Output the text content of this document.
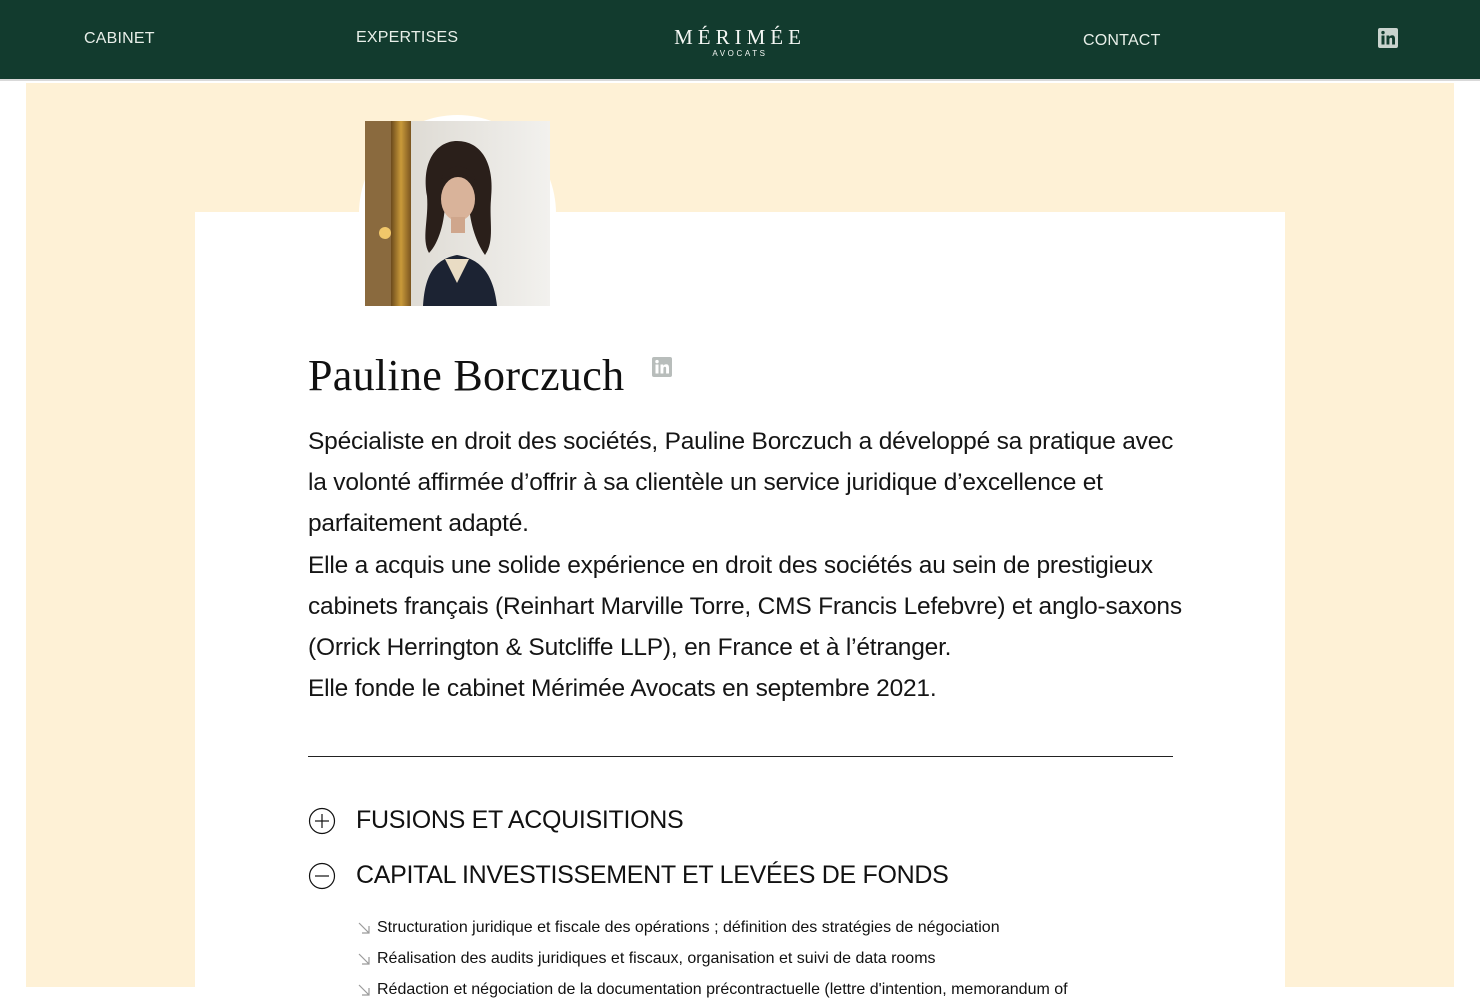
CABINET	EXPERTISES	MÉRIMÉE
AVOCATS
CONTACT
Pauline Borczuch

Spécialiste en droit des sociétés, Pauline Borczuch a développé sa pratique avec

la volonté affirmée d’offrir à sa clientèle un service juridique d’excellence et

parfaitement adapté.

Elle a acquis une solide expérience en droit des sociétés au sein de prestigieux

cabinets français (Reinhart Marville Torre, CMS Francis Lefebvre) et anglo-saxons

(Orrick Herrington & Sutcliffe LLP), en France et à l’étranger.

Elle fonde le cabinet Mérimée Avocats en septembre 2021.

FUSIONS ET ACQUISITIONS
CAPITAL INVESTISSEMENT ET LEVÉES DE FONDS
Structuration juridique et fiscale des opérations ; définition des stratégies de négociation
Réalisation des audits juridiques et fiscaux, organisation et suivi de data rooms
Rédaction et négociation de la documentation précontractuelle (lettre d'intention, memorandum of
